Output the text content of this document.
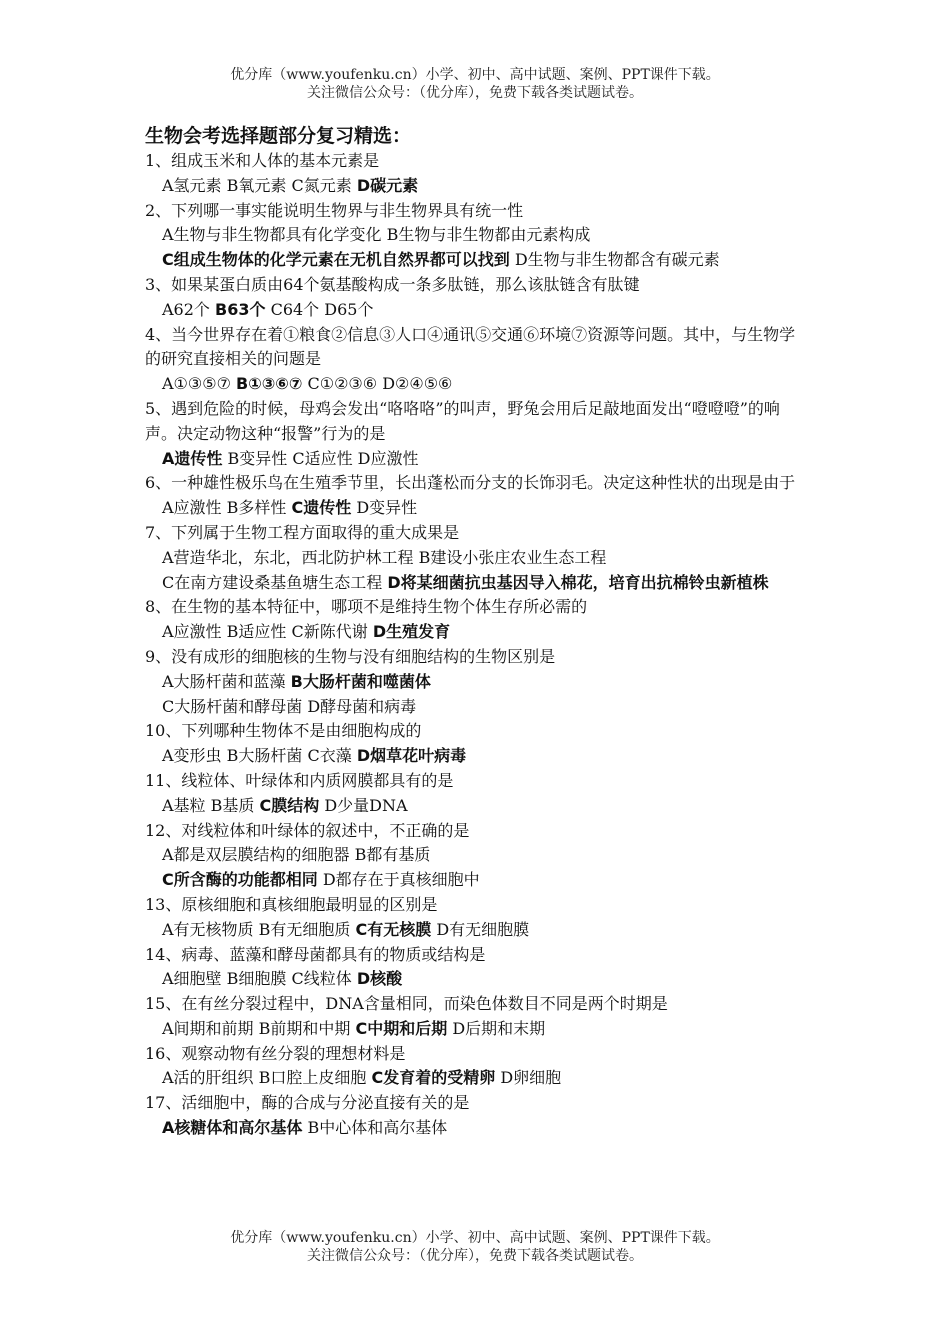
优分库（www.youfenku.cn）小学、初中、高中试题、案例、PPT课件下载。
关注微信公众号：（优分库），免费下载各类试题试卷。
生物会考选择题部分复习精选：
1、组成玉米和人体的基本元素是
A氢元素 B氧元素 C氮元素 D碳元素
2、下列哪一事实能说明生物界与非生物界具有统一性
A生物与非生物都具有化学变化 B生物与非生物都由元素构成
C组成生物体的化学元素在无机自然界都可以找到 D生物与非生物都含有碳元素
3、如果某蛋白质由64个氨基酸构成一条多肽链，那么该肽链含有肽键
A62个 B63个 C64个 D65个
4、当今世界存在着①粮食②信息③人口④通讯⑤交通⑥环境⑦资源等问题。其中，与生物学的研究直接相关的问题是
A①③⑤⑦ B①③⑥⑦ C①②③⑥ D②④⑤⑥
5、遇到危险的时候，母鸡会发出“咯咯咯”的叫声，野兔会用后足敲地面发出“噔噔噔”的响声。决定动物这种“报警”行为的是
A遗传性 B变异性 C适应性 D应激性
6、一种雄性极乐鸟在生殖季节里，长出蓬松而分支的长饰羽毛。决定这种性状的出现是由于
A应激性 B多样性 C遗传性 D变异性
7、下列属于生物工程方面取得的重大成果是
A营造华北，东北，西北防护林工程 B建设小张庄农业生态工程
C在南方建设桑基鱼塘生态工程 D将某细菌抗虫基因导入棉花，培育出抗棉铃虫新植株
8、在生物的基本特征中，哪项不是维持生物个体生存所必需的
A应激性 B适应性 C新陈代谢 D生殖发育
9、没有成形的细胞核的生物与没有细胞结构的生物区别是
A大肠杆菌和蓝藻 B大肠杆菌和噬菌体
C大肠杆菌和酵母菌 D酵母菌和病毒
10、下列哪种生物体不是由细胞构成的
A变形虫 B大肠杆菌 C衣藻 D烟草花叶病毒
11、线粒体、叶绿体和内质网膜都具有的是
A基粒 B基质 C膜结构 D少量DNA
12、对线粒体和叶绿体的叙述中，不正确的是
A都是双层膜结构的细胞器 B都有基质
C所含酶的功能都相同 D都存在于真核细胞中
13、原核细胞和真核细胞最明显的区别是
A有无核物质 B有无细胞质 C有无核膜 D有无细胞膜
14、病毒、蓝藻和酵母菌都具有的物质或结构是
A细胞壁 B细胞膜 C线粒体 D核酸
15、在有丝分裂过程中，DNA含量相同，而染色体数目不同是两个时期是
A间期和前期 B前期和中期 C中期和后期 D后期和末期
16、观察动物有丝分裂的理想材料是
A活的肝组织 B口腔上皮细胞 C发育着的受精卵 D卵细胞
17、活细胞中，酶的合成与分泌直接有关的是
A核糖体和高尔基体 B中心体和高尔基体
优分库（www.youfenku.cn）小学、初中、高中试题、案例、PPT课件下载。
关注微信公众号：（优分库），免费下载各类试题试卷。
